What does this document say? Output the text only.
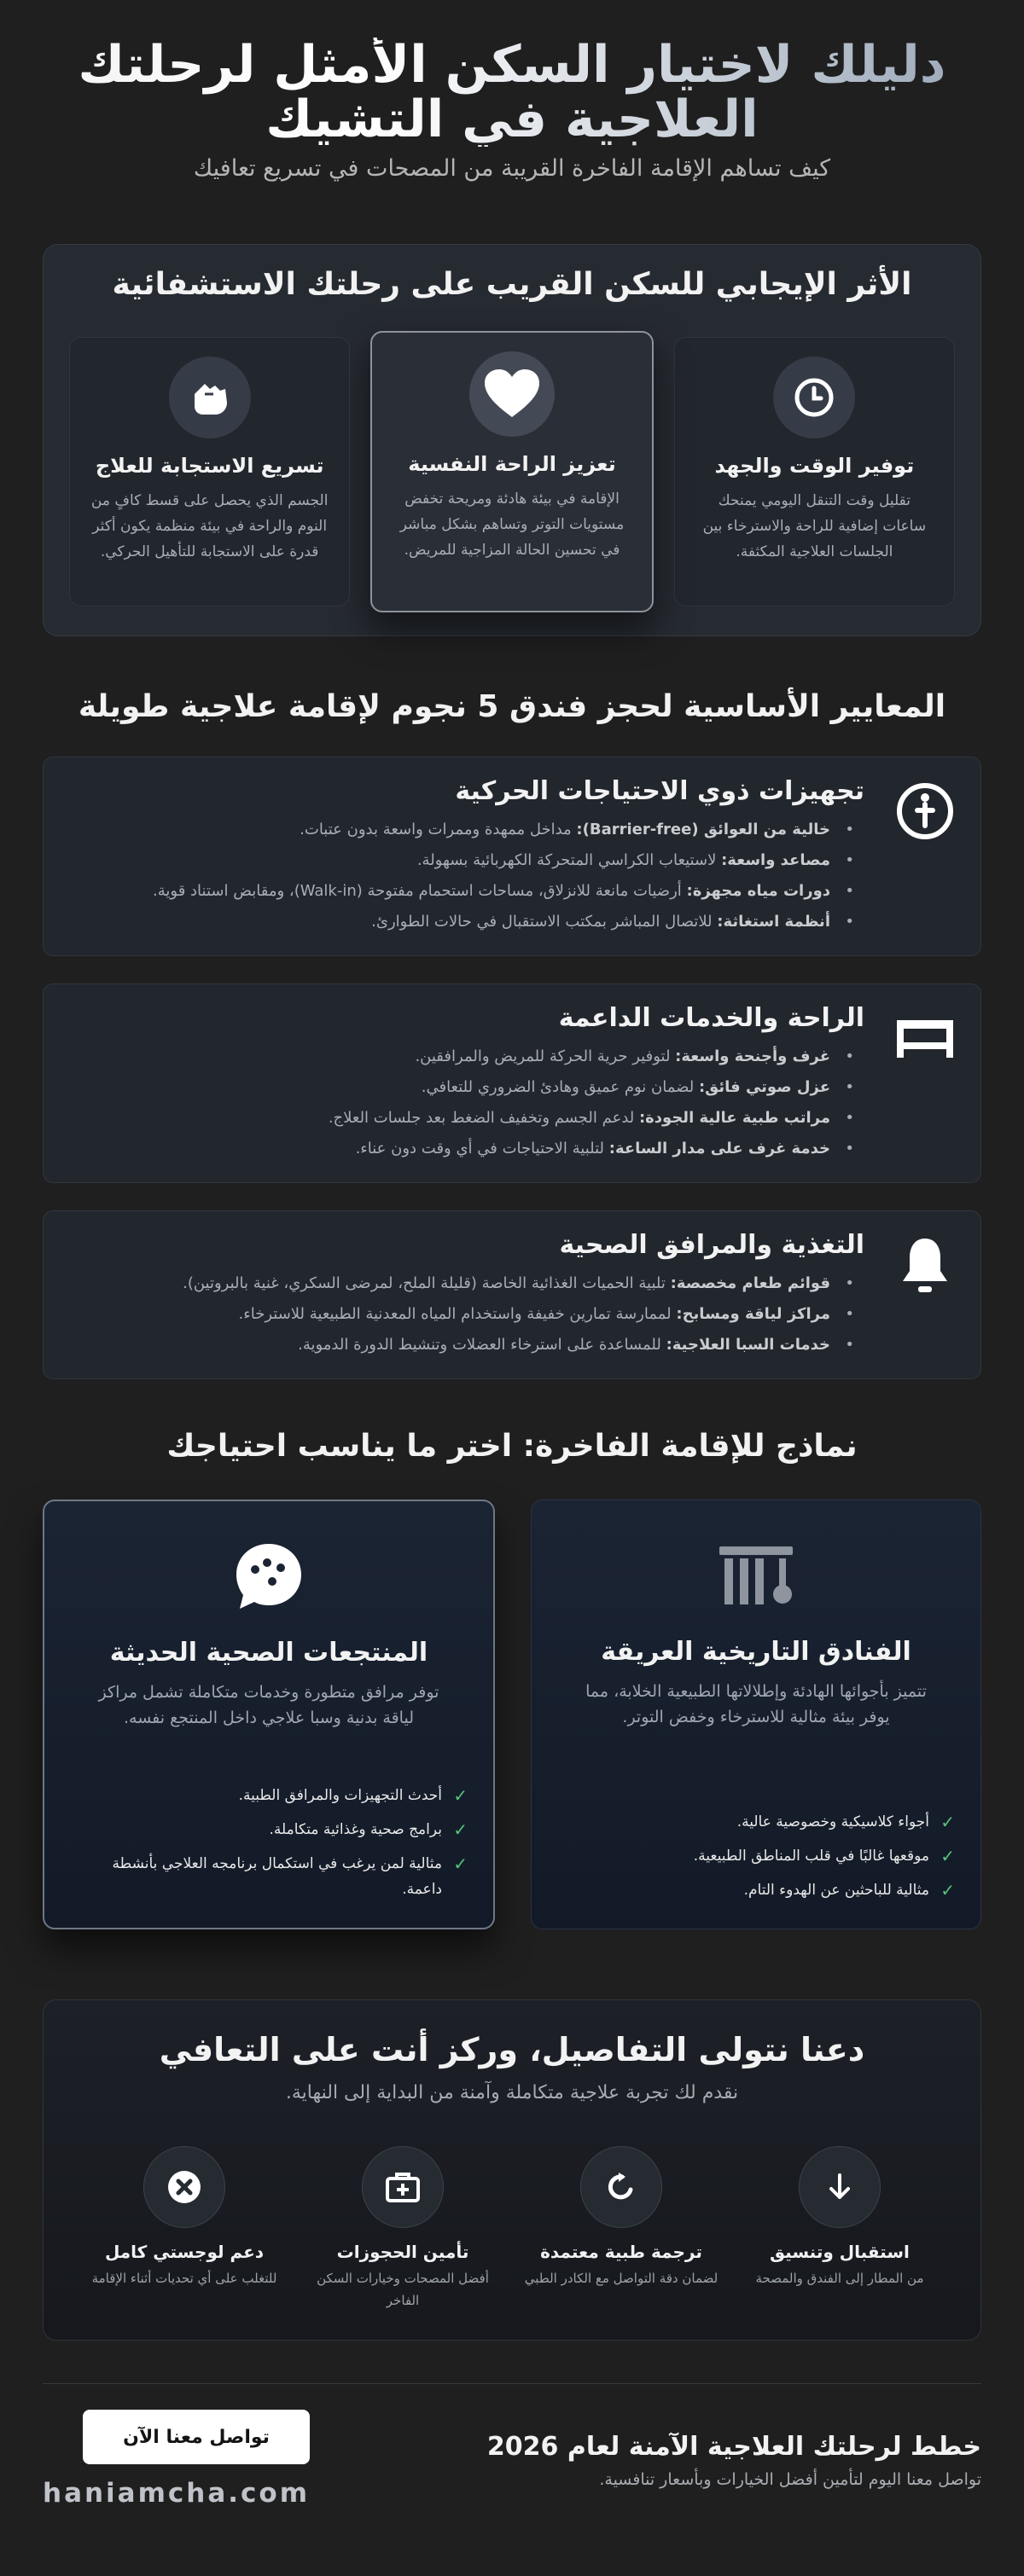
دليلك لاختيار السكن الأمثل لرحلتك العلاجية في التشيك

كيف تساهم الإقامة الفاخرة القريبة من المصحات في تسريع تعافيك

الأثر الإيجابي للسكن القريب على رحلتك الاستشفائية
توفير الوقت والجهد

تقليل وقت التنقل اليومي يمنحك ساعات إضافية للراحة والاسترخاء بين الجلسات العلاجية المكثفة.

تعزيز الراحة النفسية

الإقامة في بيئة هادئة ومريحة تخفض مستويات التوتر وتساهم بشكل مباشر في تحسين الحالة المزاجية للمريض.

تسريع الاستجابة للعلاج

الجسم الذي يحصل على قسط كافٍ من النوم والراحة في بيئة منظمة يكون أكثر قدرة على الاستجابة للتأهيل الحركي.

المعايير الأساسية لحجز فندق 5 نجوم لإقامة علاجية طويلة
تجهيزات ذوي الاحتياجات الحركية
• خالية من العوائق (Barrier-free): مداخل ممهدة وممرات واسعة بدون عتبات.
• مصاعد واسعة: لاستيعاب الكراسي المتحركة الكهربائية بسهولة.
• دورات مياه مجهزة: أرضيات مانعة للانزلاق، مساحات استحمام مفتوحة (Walk-in)، ومقابض استناد قوية.
• أنظمة استغاثة: للاتصال المباشر بمكتب الاستقبال في حالات الطوارئ.
الراحة والخدمات الداعمة
• غرف وأجنحة واسعة: لتوفير حرية الحركة للمريض والمرافقين.
• عزل صوتي فائق: لضمان نوم عميق وهادئ الضروري للتعافي.
• مراتب طبية عالية الجودة: لدعم الجسم وتخفيف الضغط بعد جلسات العلاج.
• خدمة غرف على مدار الساعة: لتلبية الاحتياجات في أي وقت دون عناء.
التغذية والمرافق الصحية
• قوائم طعام مخصصة: تلبية الحميات الغذائية الخاصة (قليلة الملح، لمرضى السكري، غنية بالبروتين).
• مراكز لياقة ومسابح: لممارسة تمارين خفيفة واستخدام المياه المعدنية الطبيعية للاسترخاء.
• خدمات السبا العلاجية: للمساعدة على استرخاء العضلات وتنشيط الدورة الدموية.
نماذج للإقامة الفاخرة: اختر ما يناسب احتياجك
الفنادق التاريخية العريقة

تتميز بأجوائها الهادئة وإطلالاتها الطبيعية الخلابة، مما يوفر بيئة مثالية للاسترخاء وخفض التوتر.

✓
أجواء كلاسيكية وخصوصية عالية.
✓
موقعها غالبًا في قلب المناطق الطبيعية.
✓
مثالية للباحثين عن الهدوء التام.
المنتجعات الصحية الحديثة

توفر مرافق متطورة وخدمات متكاملة تشمل مراكز لياقة بدنية وسبا علاجي داخل المنتجع نفسه.

✓
أحدث التجهيزات والمرافق الطبية.
✓
برامج صحية وغذائية متكاملة.
✓
مثالية لمن يرغب في استكمال برنامجه العلاجي بأنشطة داعمة.
دعنا نتولى التفاصيل، وركز أنت على التعافي

نقدم لك تجربة علاجية متكاملة وآمنة من البداية إلى النهاية.

استقبال وتنسيق

من المطار إلى الفندق والمصحة

ترجمة طبية معتمدة

لضمان دقة التواصل مع الكادر الطبي

تأمين الحجوزات

أفضل المصحات وخيارات السكن الفاخر

دعم لوجستي كامل

للتغلب على أي تحديات أثناء الإقامة

خطط لرحلتك العلاجية الآمنة لعام 2026

تواصل معنا اليوم لتأمين أفضل الخيارات وبأسعار تنافسية.

تواصل معنا الآن
haniamcha.com
